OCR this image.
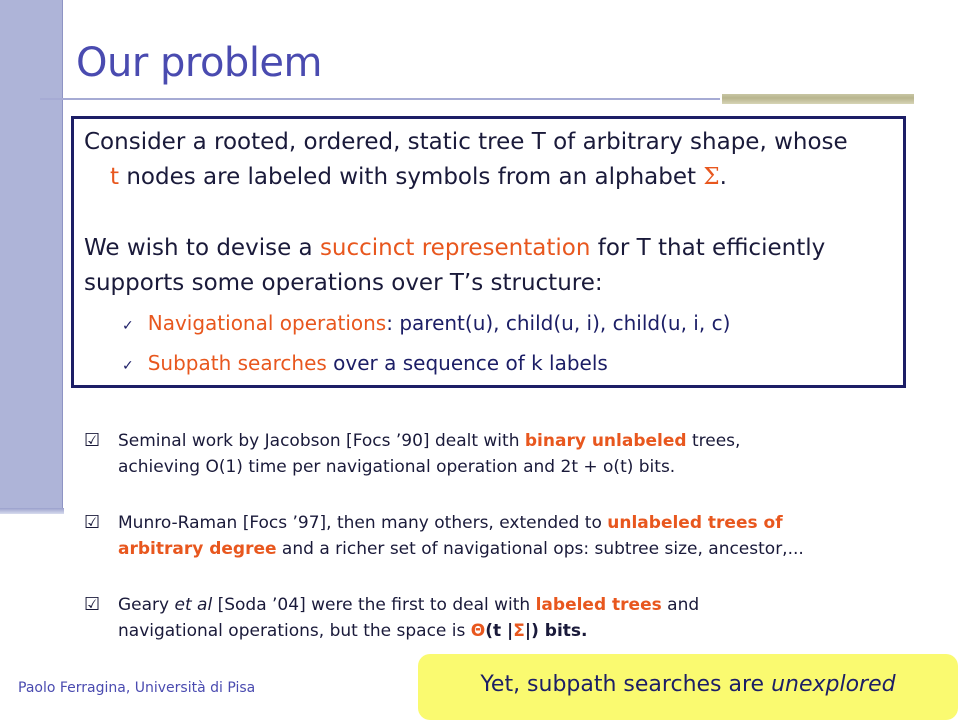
Our problem

Consider a rooted, ordered, static tree T of arbitrary shape, whose
t nodes are labeled with symbols from an alphabet Σ.

We wish to devise a succinct representation for T that efficiently
supports some operations over T’s structure:

✓ Navigational operations: parent(u), child(u, i), child(u, i, c)
✓ Subpath searches over a sequence of k labels
☑	Seminal work by Jacobson [Focs ’90] dealt with binary unlabeled trees,
achieving O(1) time per navigational operation and 2t + o(t) bits.
☑	Munro-Raman [Focs ’97], then many others, extended to unlabeled trees of
arbitrary degree and a richer set of navigational ops: subtree size, ancestor,...
☑	Geary et al [Soda ’04] were the first to deal with labeled trees and
navigational operations, but the space is Θ(t |Σ|) bits.
Paolo Ferragina, Università di Pisa	Yet, subpath searches are unexplored
